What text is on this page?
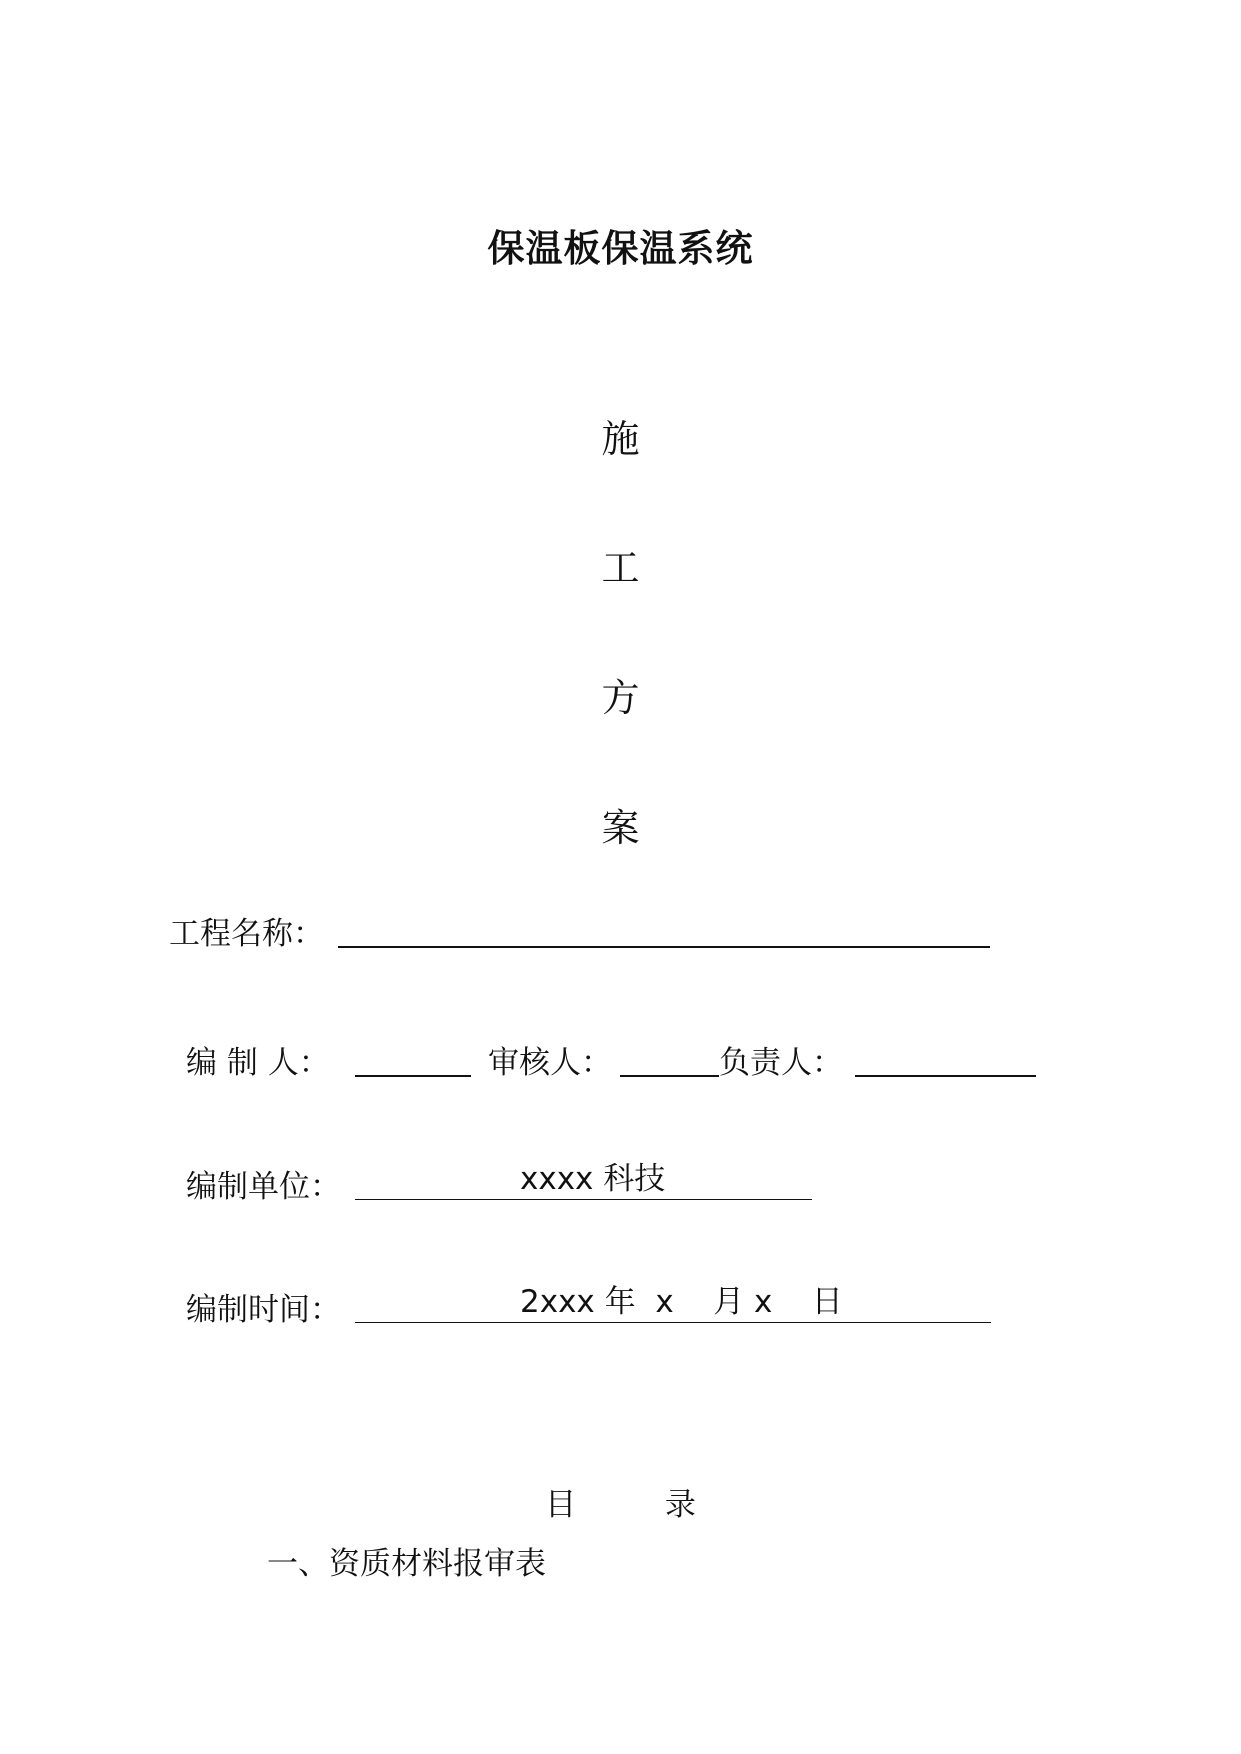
保温板保温系统
施
工
方
案
工程名称：
编 制 人：	审核人：	负责人：
编制单位：	xxxx 科技
编制时间：	2xxx 年  x    月 x    日
目         录
一、资质材料报审表
